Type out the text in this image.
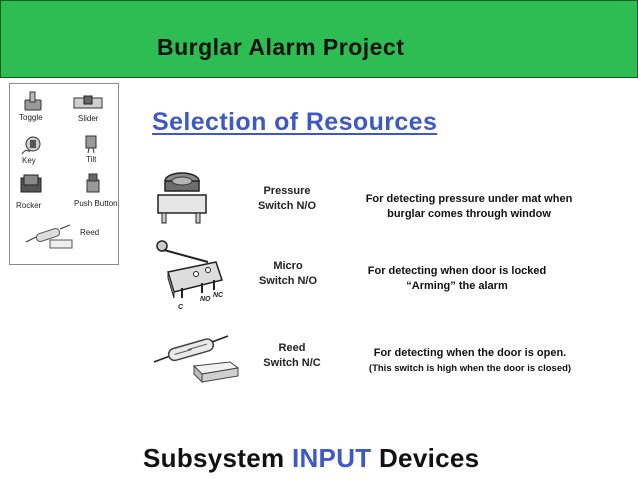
Burglar Alarm Project
Selection of Resources
Toggle	Slider
Key	Tilt
Rocker	Push Button
Reed
Pressure
Switch N/O
For detecting pressure under mat when
burglar comes through window
C
NO
NC
Micro
Switch N/O
For detecting when door is locked
“Arming” the alarm
Reed
Switch N/C
For detecting when the door is open.
(This switch is high when the door is closed)
Subsystem INPUT Devices
